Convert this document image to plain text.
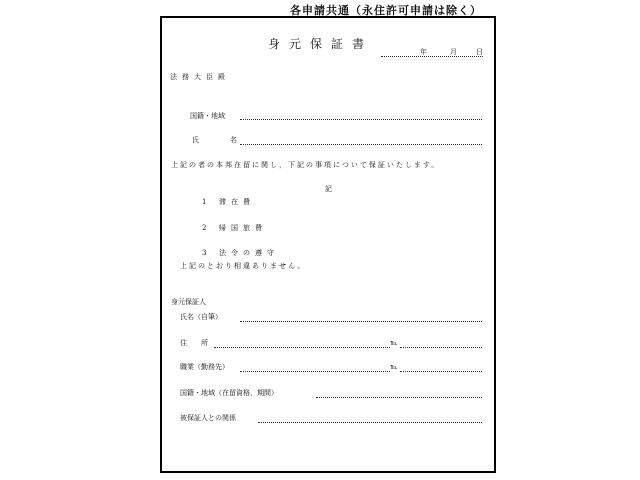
各申請共通（永住許可申請は除く）
身元保証書
年	月	日
法務大臣殿
国籍・地域
氏	名
上記の者の本邦在留に関し，下記の事項について保証いたします。
記
1 滞在費
2 帰国旅費
3 法令の遵守
上記のとおり相違ありません。
身元保証人
氏名（自筆）
住 所	℡
職業（勤務先）	℡
国籍・地域（在留資格、期間）
被保証人との関係
